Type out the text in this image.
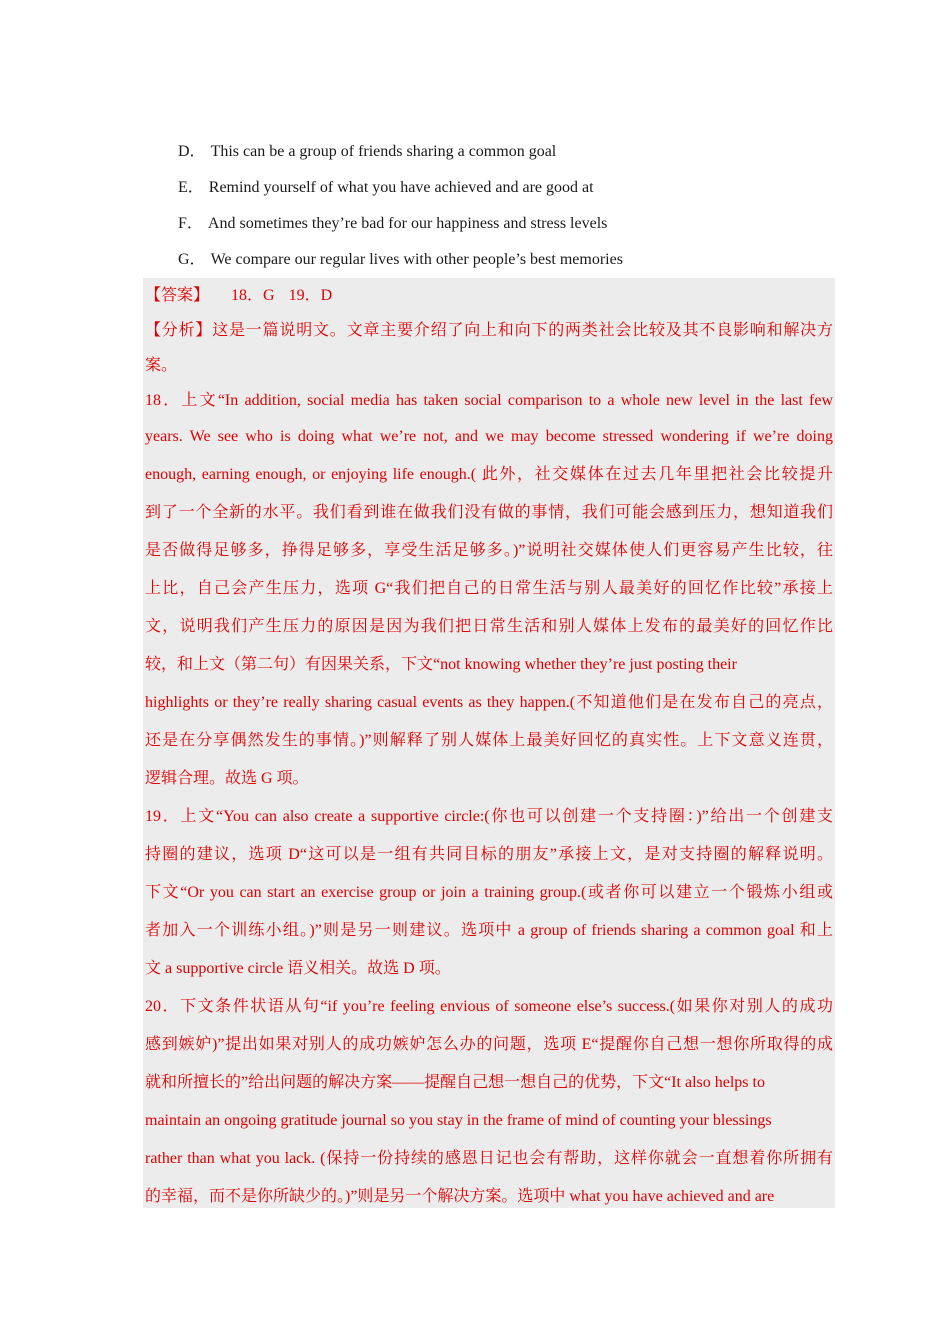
D． This can be a group of friends sharing a common goal
E． Remind yourself of what you have achieved and are good at
F． And sometimes they’re bad for our happiness and stress levels
G． We compare our regular lives with other people’s best memories
【答案】 18．G 19．D
【分析】这是一篇说明文。文章主要介绍了向上和向下的两类社会比较及其不良影响和解决方
案。
18．上文“In addition, social media has taken social comparison to a whole new level in the last few
years. We see who is doing what we’re not, and we may become stressed wondering if we’re doing
enough, earning enough, or enjoying life enough.( 此外，社交媒体在过去几年里把社会比较提升
到了一个全新的水平。我们看到谁在做我们没有做的事情，我们可能会感到压力，想知道我们
是否做得足够多，挣得足够多，享受生活足够多。)”说明社交媒体使人们更容易产生比较，往
上比，自己会产生压力，选项 G“我们把自己的日常生活与别人最美好的回忆作比较”承接上
文，说明我们产生压力的原因是因为我们把日常生活和别人媒体上发布的最美好的回忆作比
较，和上文（第二句）有因果关系，下文“not knowing whether they’re just posting their
highlights or they’re really sharing casual events as they happen.(不知道他们是在发布自己的亮点，
还是在分享偶然发生的事情。)”则解释了别人媒体上最美好回忆的真实性。上下文意义连贯，
逻辑合理。故选 G 项。
19．上文“You can also create a supportive circle:(你也可以创建一个支持圈：)”给出一个创建支
持圈的建议，选项 D“这可以是一组有共同目标的朋友”承接上文，是对支持圈的解释说明。
下文“Or you can start an exercise group or join a training group.(或者你可以建立一个锻炼小组或
者加入一个训练小组。)”则是另一则建议。选项中 a group of friends sharing a common goal 和上
文 a supportive circle 语义相关。故选 D 项。
20．下文条件状语从句“if you’re feeling envious of someone else’s success.(如果你对别人的成功
感到嫉妒)”提出如果对别人的成功嫉妒怎么办的问题，选项 E“提醒你自己想一想你所取得的成
就和所擅长的”给出问题的解决方案——提醒自己想一想自己的优势，下文“It also helps to
maintain an ongoing gratitude journal so you stay in the frame of mind of counting your blessings
rather than what you lack. (保持一份持续的感恩日记也会有帮助，这样你就会一直想着你所拥有
的幸福，而不是你所缺少的。)”则是另一个解决方案。选项中 what you have achieved and are
